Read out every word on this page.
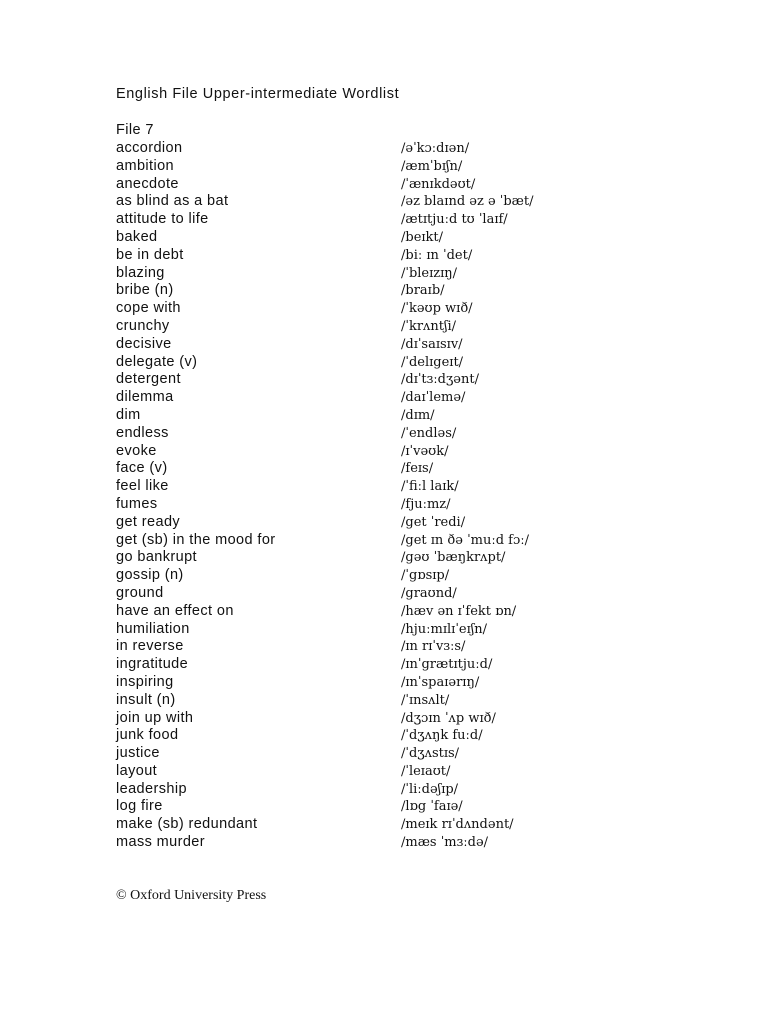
English File Upper-intermediate Wordlist
File 7
accordion	/əˈkɔːdɪən/
ambition	/æmˈbɪʃn/
anecdote	/ˈænɪkdəʊt/
as blind as a bat	/əz blaɪnd əz ə ˈbæt/
attitude to life	/ætɪtjuːd tʊ ˈlaɪf/
baked	/beɪkt/
be in debt	/biː ɪn ˈdet/
blazing	/ˈbleɪzɪŋ/
bribe (n)	/braɪb/
cope with	/ˈkəʊp wɪð/
crunchy	/ˈkrʌntʃi/
decisive	/dɪˈsaɪsɪv/
delegate (v)	/ˈdelɪgeɪt/
detergent	/dɪˈtɜːdʒənt/
dilemma	/daɪˈlemə/
dim	/dɪm/
endless	/ˈendləs/
evoke	/ɪˈvəʊk/
face (v)	/feɪs/
feel like	/ˈfiːl laɪk/
fumes	/fjuːmz/
get ready	/get ˈredi/
get (sb) in the mood for	/get ɪn ðə ˈmuːd fɔː/
go bankrupt	/gəʊ ˈbæŋkrʌpt/
gossip (n)	/ˈgɒsɪp/
ground	/graʊnd/
have an effect on	/hæv ən ɪˈfekt ɒn/
humiliation	/hjuːmɪlɪˈeɪʃn/
in reverse	/ɪn rɪˈvɜːs/
ingratitude	/ɪnˈgrætɪtjuːd/
inspiring	/ɪnˈspaɪərɪŋ/
insult (n)	/ˈɪnsʌlt/
join up with	/dʒɔɪn ˈʌp wɪð/
junk food	/ˈdʒʌŋk fuːd/
justice	/ˈdʒʌstɪs/
layout	/ˈleɪaʊt/
leadership	/ˈliːdəʃɪp/
log fire	/lɒg ˈfaɪə/
make (sb) redundant	/meɪk rɪˈdʌndənt/
mass murder	/mæs ˈmɜːdə/
© Oxford University Press
